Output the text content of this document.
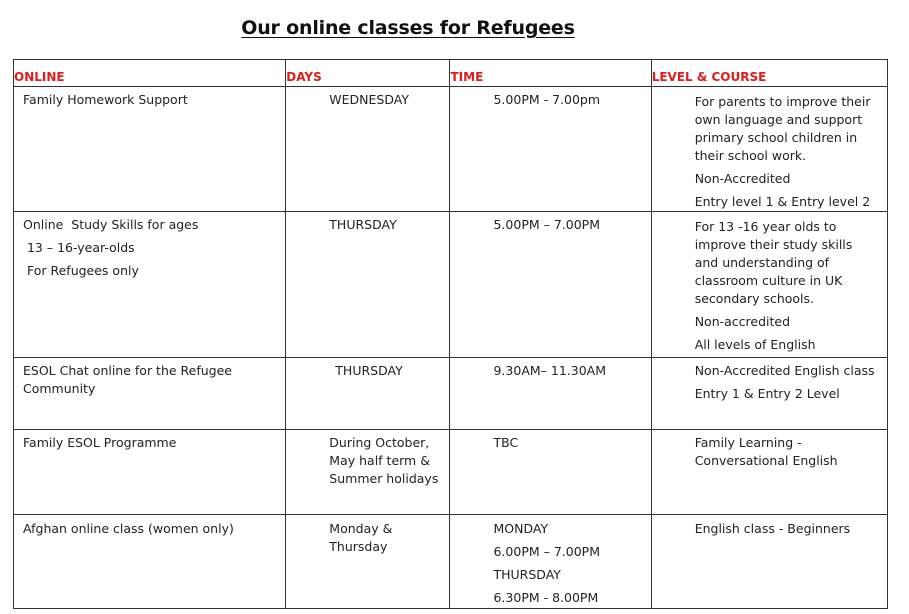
Our online classes for Refugees
ONLINE	DAYS	TIME	LEVEL & COURSE

Family Homework Support	WEDNESDAY	5.00PM - 7.00pm	For parents to improve their own language and support primary school children in their school work.
Non-Accredited
Entry level 1 & Entry level 2

Online  Study Skills for ages
13 – 16-year-olds
For Refugees only	THURSDAY	5.00PM – 7.00PM	For 13 -16 year olds to improve their study skills and understanding of classroom culture in UK secondary schools.
Non-accredited
All levels of English

ESOL Chat online for the Refugee
Community	THURSDAY	9.30AM– 11.30AM	Non-Accredited English class
Entry 1 & Entry 2 Level

Family ESOL Programme	During October,
May half term &
Summer holidays	TBC	Family Learning - Conversational English

Afghan online class (women only)	Monday &
Thursday	MONDAY
6.00PM – 7.00PM
THURSDAY
6.30PM - 8.00PM	English class - Beginners
